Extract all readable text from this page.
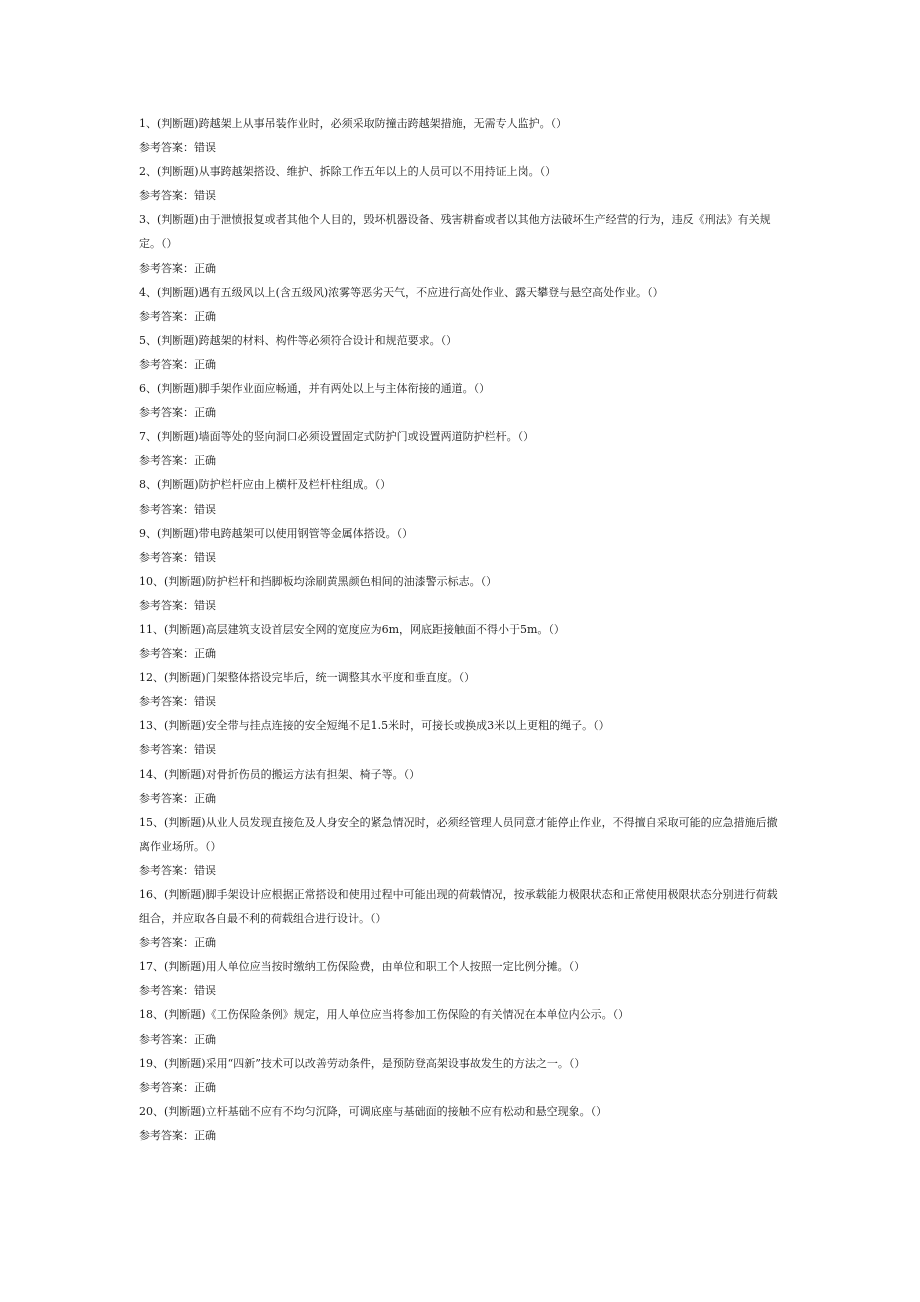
1、(判断题)跨越架上从事吊装作业时，必须采取防撞击跨越架措施，无需专人监护。（）
参考答案：错误
2、(判断题)从事跨越架搭设、维护、拆除工作五年以上的人员可以不用持证上岗。（）
参考答案：错误
3、(判断题)由于泄愤报复或者其他个人目的，毁坏机器设备、残害耕畜或者以其他方法破坏生产经营的行为，违反《刑法》有关规定。（）
参考答案：正确
4、(判断题)遇有五级风以上(含五级风)浓雾等恶劣天气，不应进行高处作业、露天攀登与悬空高处作业。（）
参考答案：正确
5、(判断题)跨越架的材料、构件等必须符合设计和规范要求。（）
参考答案：正确
6、(判断题)脚手架作业面应畅通，并有两处以上与主体衔接的通道。（）
参考答案：正确
7、(判断题)墙面等处的竖向洞口必须设置固定式防护门或设置两道防护栏杆。（）
参考答案：正确
8、(判断题)防护栏杆应由上横杆及栏杆柱组成。（）
参考答案：错误
9、(判断题)带电跨越架可以使用钢管等金属体搭设。（）
参考答案：错误
10、(判断题)防护栏杆和挡脚板均涂刷黄黑颜色相间的油漆警示标志。（）
参考答案：错误
11、(判断题)高层建筑支设首层安全网的宽度应为6m，网底距接触面不得小于5m。（）
参考答案：正确
12、(判断题)门架整体搭设完毕后，统一调整其水平度和垂直度。（）
参考答案：错误
13、(判断题)安全带与挂点连接的安全短绳不足1.5米时，可接长或换成3米以上更粗的绳子。（）
参考答案：错误
14、(判断题)对骨折伤员的搬运方法有担架、椅子等。（）
参考答案：正确
15、(判断题)从业人员发现直接危及人身安全的紧急情况时，必须经管理人员同意才能停止作业，不得擅自采取可能的应急措施后撤离作业场所。（）
参考答案：错误
16、(判断题)脚手架设计应根据正常搭设和使用过程中可能出现的荷载情况，按承载能力极限状态和正常使用极限状态分别进行荷载组合，并应取各自最不利的荷载组合进行设计。（）
参考答案：正确
17、(判断题)用人单位应当按时缴纳工伤保险费，由单位和职工个人按照一定比例分摊。（）
参考答案：错误
18、(判断题)《工伤保险条例》规定，用人单位应当将参加工伤保险的有关情况在本单位内公示。（）
参考答案：正确
19、(判断题)采用“四新”技术可以改善劳动条件，是预防登高架设事故发生的方法之一。（）
参考答案：正确
20、(判断题)立杆基础不应有不均匀沉降，可调底座与基础面的接触不应有松动和悬空现象。（）
参考答案：正确
